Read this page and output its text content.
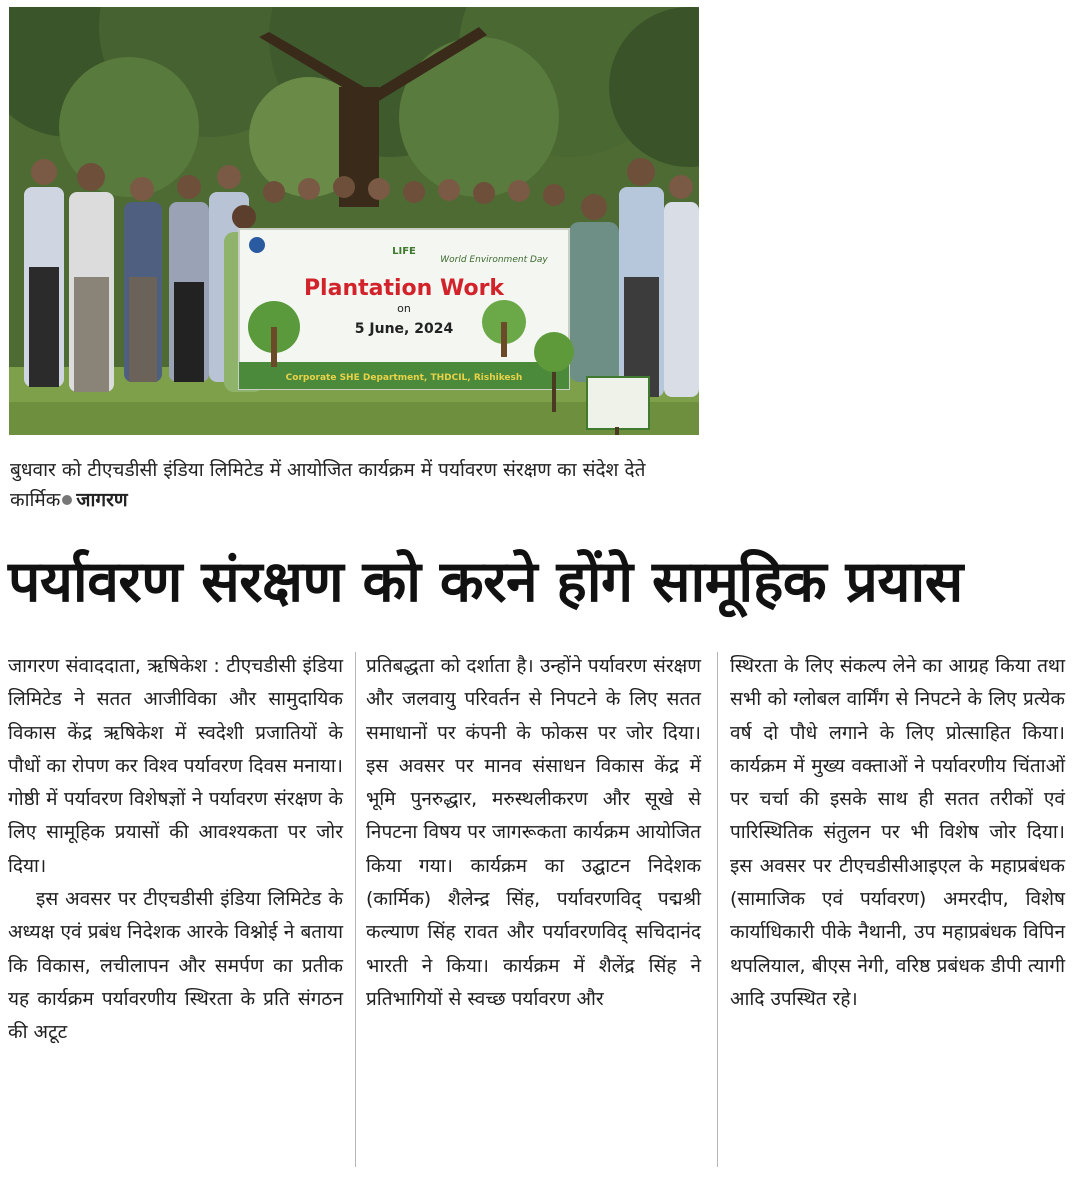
LIFE
World Environment Day
Plantation Work
on
5 June, 2024
Corporate SHE Department, THDCIL, Rishikesh
बुधवार को टीएचडीसी इंडिया लिमिटेड में आयोजित कार्यक्रम में पर्यावरण संरक्षण का संदेश देते कार्मिक जागरण
पर्यावरण संरक्षण को करने होंगे सामूहिक प्रयास

जागरण संवाददाता, ऋषिकेश : टीएचडीसी इंडिया लिमिटेड ने सतत आजीविका और सामुदायिक विकास केंद्र ऋषिकेश में स्वदेशी प्रजातियों के पौधों का रोपण कर विश्व पर्यावरण दिवस मनाया। गोष्ठी में पर्यावरण विशेषज्ञों ने पर्यावरण संरक्षण के लिए सामूहिक प्रयासों की आवश्यकता पर जोर दिया।

इस अवसर पर टीएचडीसी इंडिया लिमिटेड के अध्यक्ष एवं प्रबंध निदेशक आरके विश्नोई ने बताया कि विकास, लचीलापन और समर्पण का प्रतीक यह कार्यक्रम पर्यावरणीय स्थिरता के प्रति संगठन की अटूट

प्रतिबद्धता को दर्शाता है। उन्होंने पर्यावरण संरक्षण और जलवायु परिवर्तन से निपटने के लिए सतत समाधानों पर कंपनी के फोकस पर जोर दिया। इस अवसर पर मानव संसाधन विकास केंद्र में भूमि पुनरुद्धार, मरुस्थलीकरण और सूखे से निपटना विषय पर जागरूकता कार्यक्रम आयोजित किया गया। कार्यक्रम का उद्घाटन निदेशक (कार्मिक) शैलेन्द्र सिंह, पर्यावरणविद् पद्मश्री कल्याण सिंह रावत और पर्यावरणविद् सचिदानंद भारती ने किया। कार्यक्रम में शैलेंद्र सिंह ने प्रतिभागियों से स्वच्छ पर्यावरण और

स्थिरता के लिए संकल्प लेने का आग्रह किया तथा सभी को ग्लोबल वार्मिंग से निपटने के लिए प्रत्येक वर्ष दो पौधे लगाने के लिए प्रोत्साहित किया। कार्यक्रम में मुख्य वक्ताओं ने पर्यावरणीय चिंताओं पर चर्चा की इसके साथ ही सतत तरीकों एवं पारिस्थितिक संतुलन पर भी विशेष जोर दिया। इस अवसर पर टीएचडीसीआइएल के महाप्रबंधक (सामाजिक एवं पर्यावरण) अमरदीप, विशेष कार्याधिकारी पीके नैथानी, उप महाप्रबंधक विपिन थपलियाल, बीएस नेगी, वरिष्ठ प्रबंधक डीपी त्यागी आदि उपस्थित रहे।
